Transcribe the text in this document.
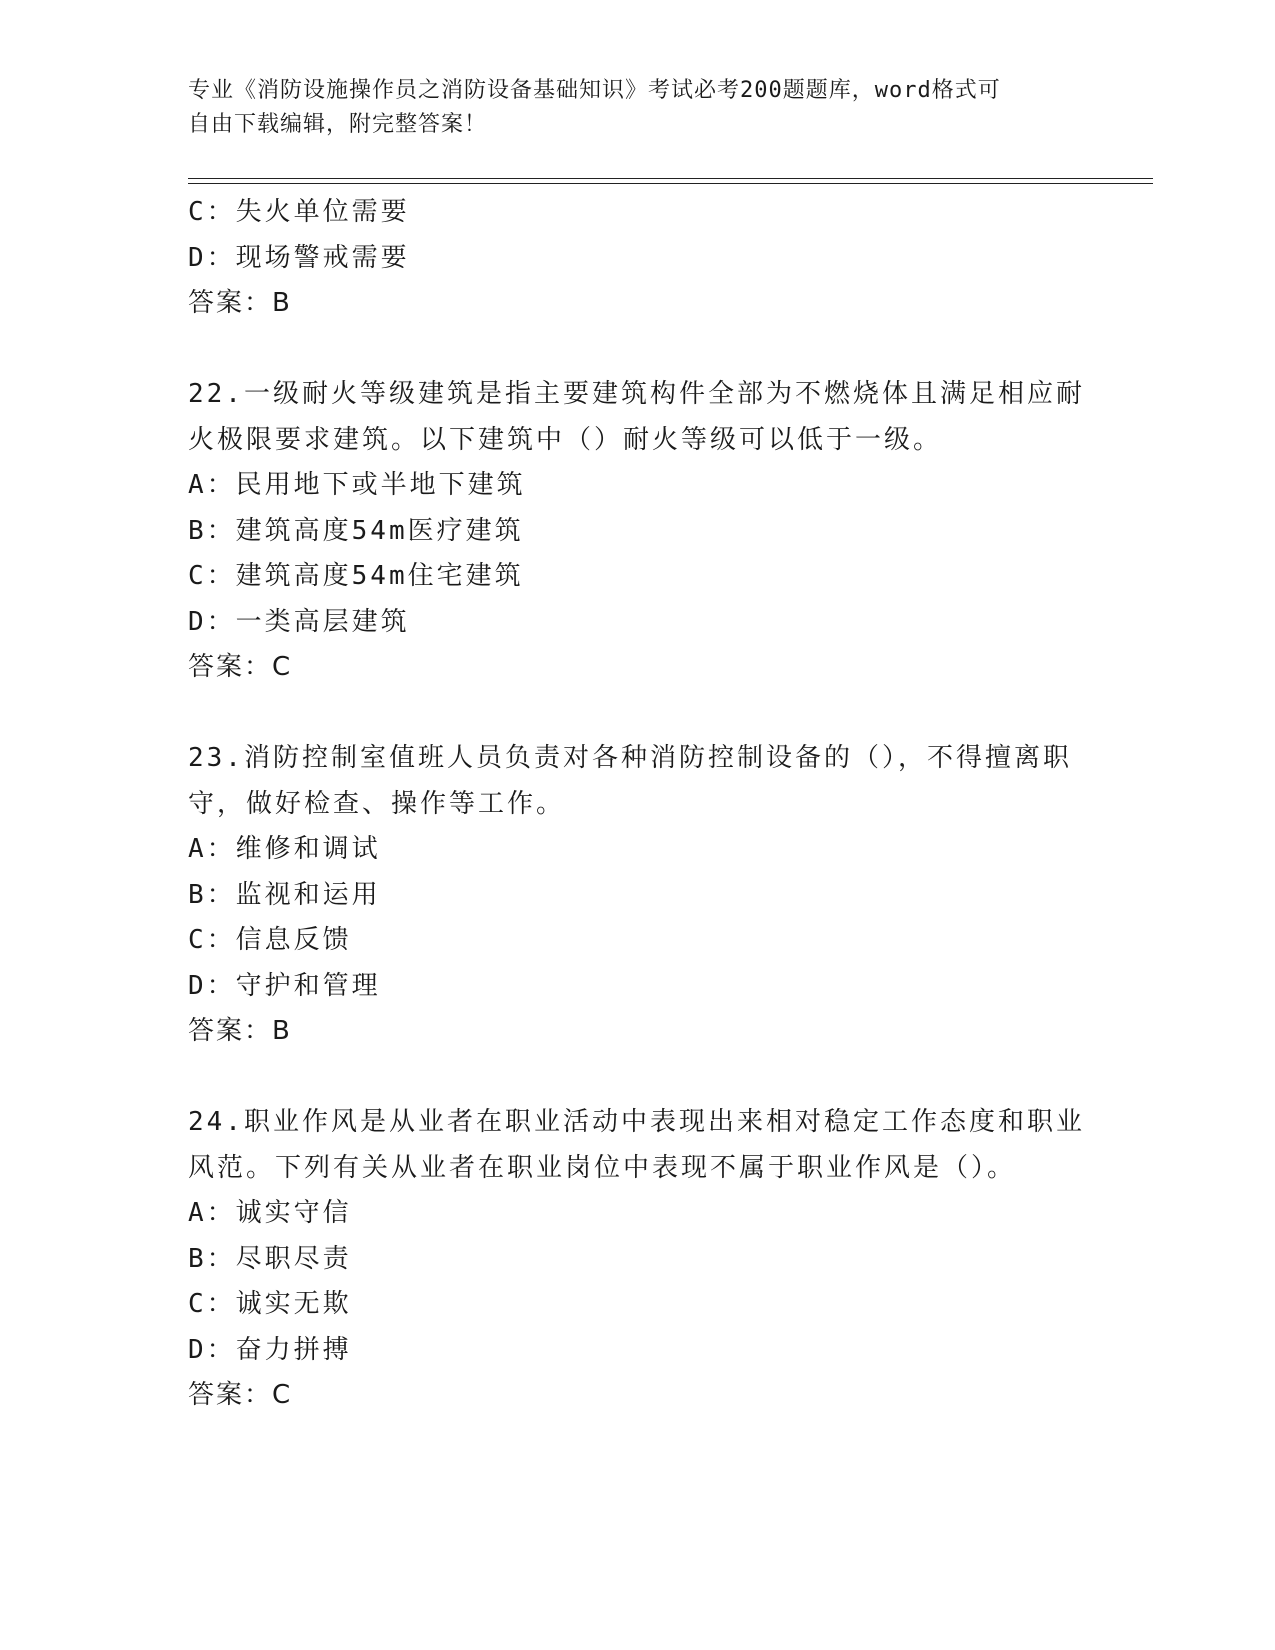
专业《消防设施操作员之消防设备基础知识》考试必考200题题库，word格式可
自由下载编辑，附完整答案！
C：失火单位需要
D：现场警戒需要
答案：B
22.一级耐火等级建筑是指主要建筑构件全部为不燃烧体且满足相应耐
火极限要求建筑。以下建筑中（）耐火等级可以低于一级。
A：民用地下或半地下建筑
B：建筑高度54m医疗建筑
C：建筑高度54m住宅建筑
D：一类高层建筑
答案：C
23.消防控制室值班人员负责对各种消防控制设备的（），不得擅离职
守，做好检查、操作等工作。
A：维修和调试
B：监视和运用
C：信息反馈
D：守护和管理
答案：B
24.职业作风是从业者在职业活动中表现出来相对稳定工作态度和职业
风范。下列有关从业者在职业岗位中表现不属于职业作风是（）。
A：诚实守信
B：尽职尽责
C：诚实无欺
D：奋力拼搏
答案：C
